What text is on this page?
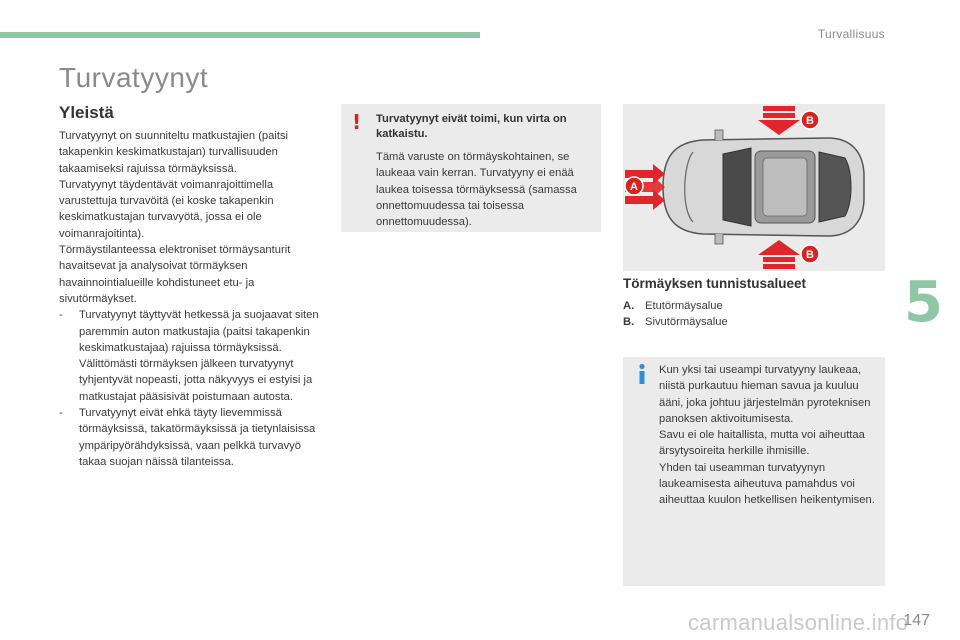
Turvallisuus
Turvatyynyt
Yleistä

Turvatyynyt on suunniteltu matkustajien (paitsi takapenkin keskimatkustajan) turvallisuuden takaamiseksi rajuissa törmäyksissä.

Turvatyynyt täydentävät voimanrajoittimella varustettuja turvavöitä (ei koske takapenkin keskimatkustajan turvavyötä, jossa ei ole voimanrajoitinta).

Törmäystilanteessa elektroniset törmäysanturit havaitsevat ja analysoivat törmäyksen havainnointialueille kohdistuneet etu- ja sivutörmäykset.

-	Turvatyynyt täyttyvät hetkessä ja suojaavat siten paremmin auton matkustajia (paitsi takapenkin keskimatkustajaa) rajuissa törmäyksissä. Välittömästi törmäyksen jälkeen turvatyynyt tyhjentyvät nopeasti, jotta näkyvyys ei estyisi ja matkustajat pääsisivät poistumaan autosta.
-	Turvatyynyt eivät ehkä täyty lievemmissä törmäyksissä, takatörmäyksissä ja tietynlaisissa ympäripyörähdyksissä, vaan pelkkä turvavyö takaa suojan näissä tilanteissa.
! Turvatyynyt eivät toimi, kun virta on katkaistu.
Tämä varuste on törmäyskohtainen, se laukeaa vain kerran. Turvatyyny ei enää laukea toisessa törmäyksessä (samassa onnettomuudessa tai toisessa onnettomuudessa).
A
B
B
Törmäyksen tunnistusalueet
A. Etutörmäysalue
B. Sivutörmäysalue
Kun yksi tai useampi turvatyyny laukeaa, niistä purkautuu hieman savua ja kuuluu ääni, joka johtuu järjestelmän pyroteknisen panoksen aktivoitumisesta.
Savu ei ole haitallista, mutta voi aiheuttaa ärsytysoireita herkille ihmisille.
Yhden tai useamman turvatyynyn laukeamisesta aiheutuva pamahdus voi aiheuttaa kuulon hetkellisen heikentymisen.
5
carmanualsonline.info
147
